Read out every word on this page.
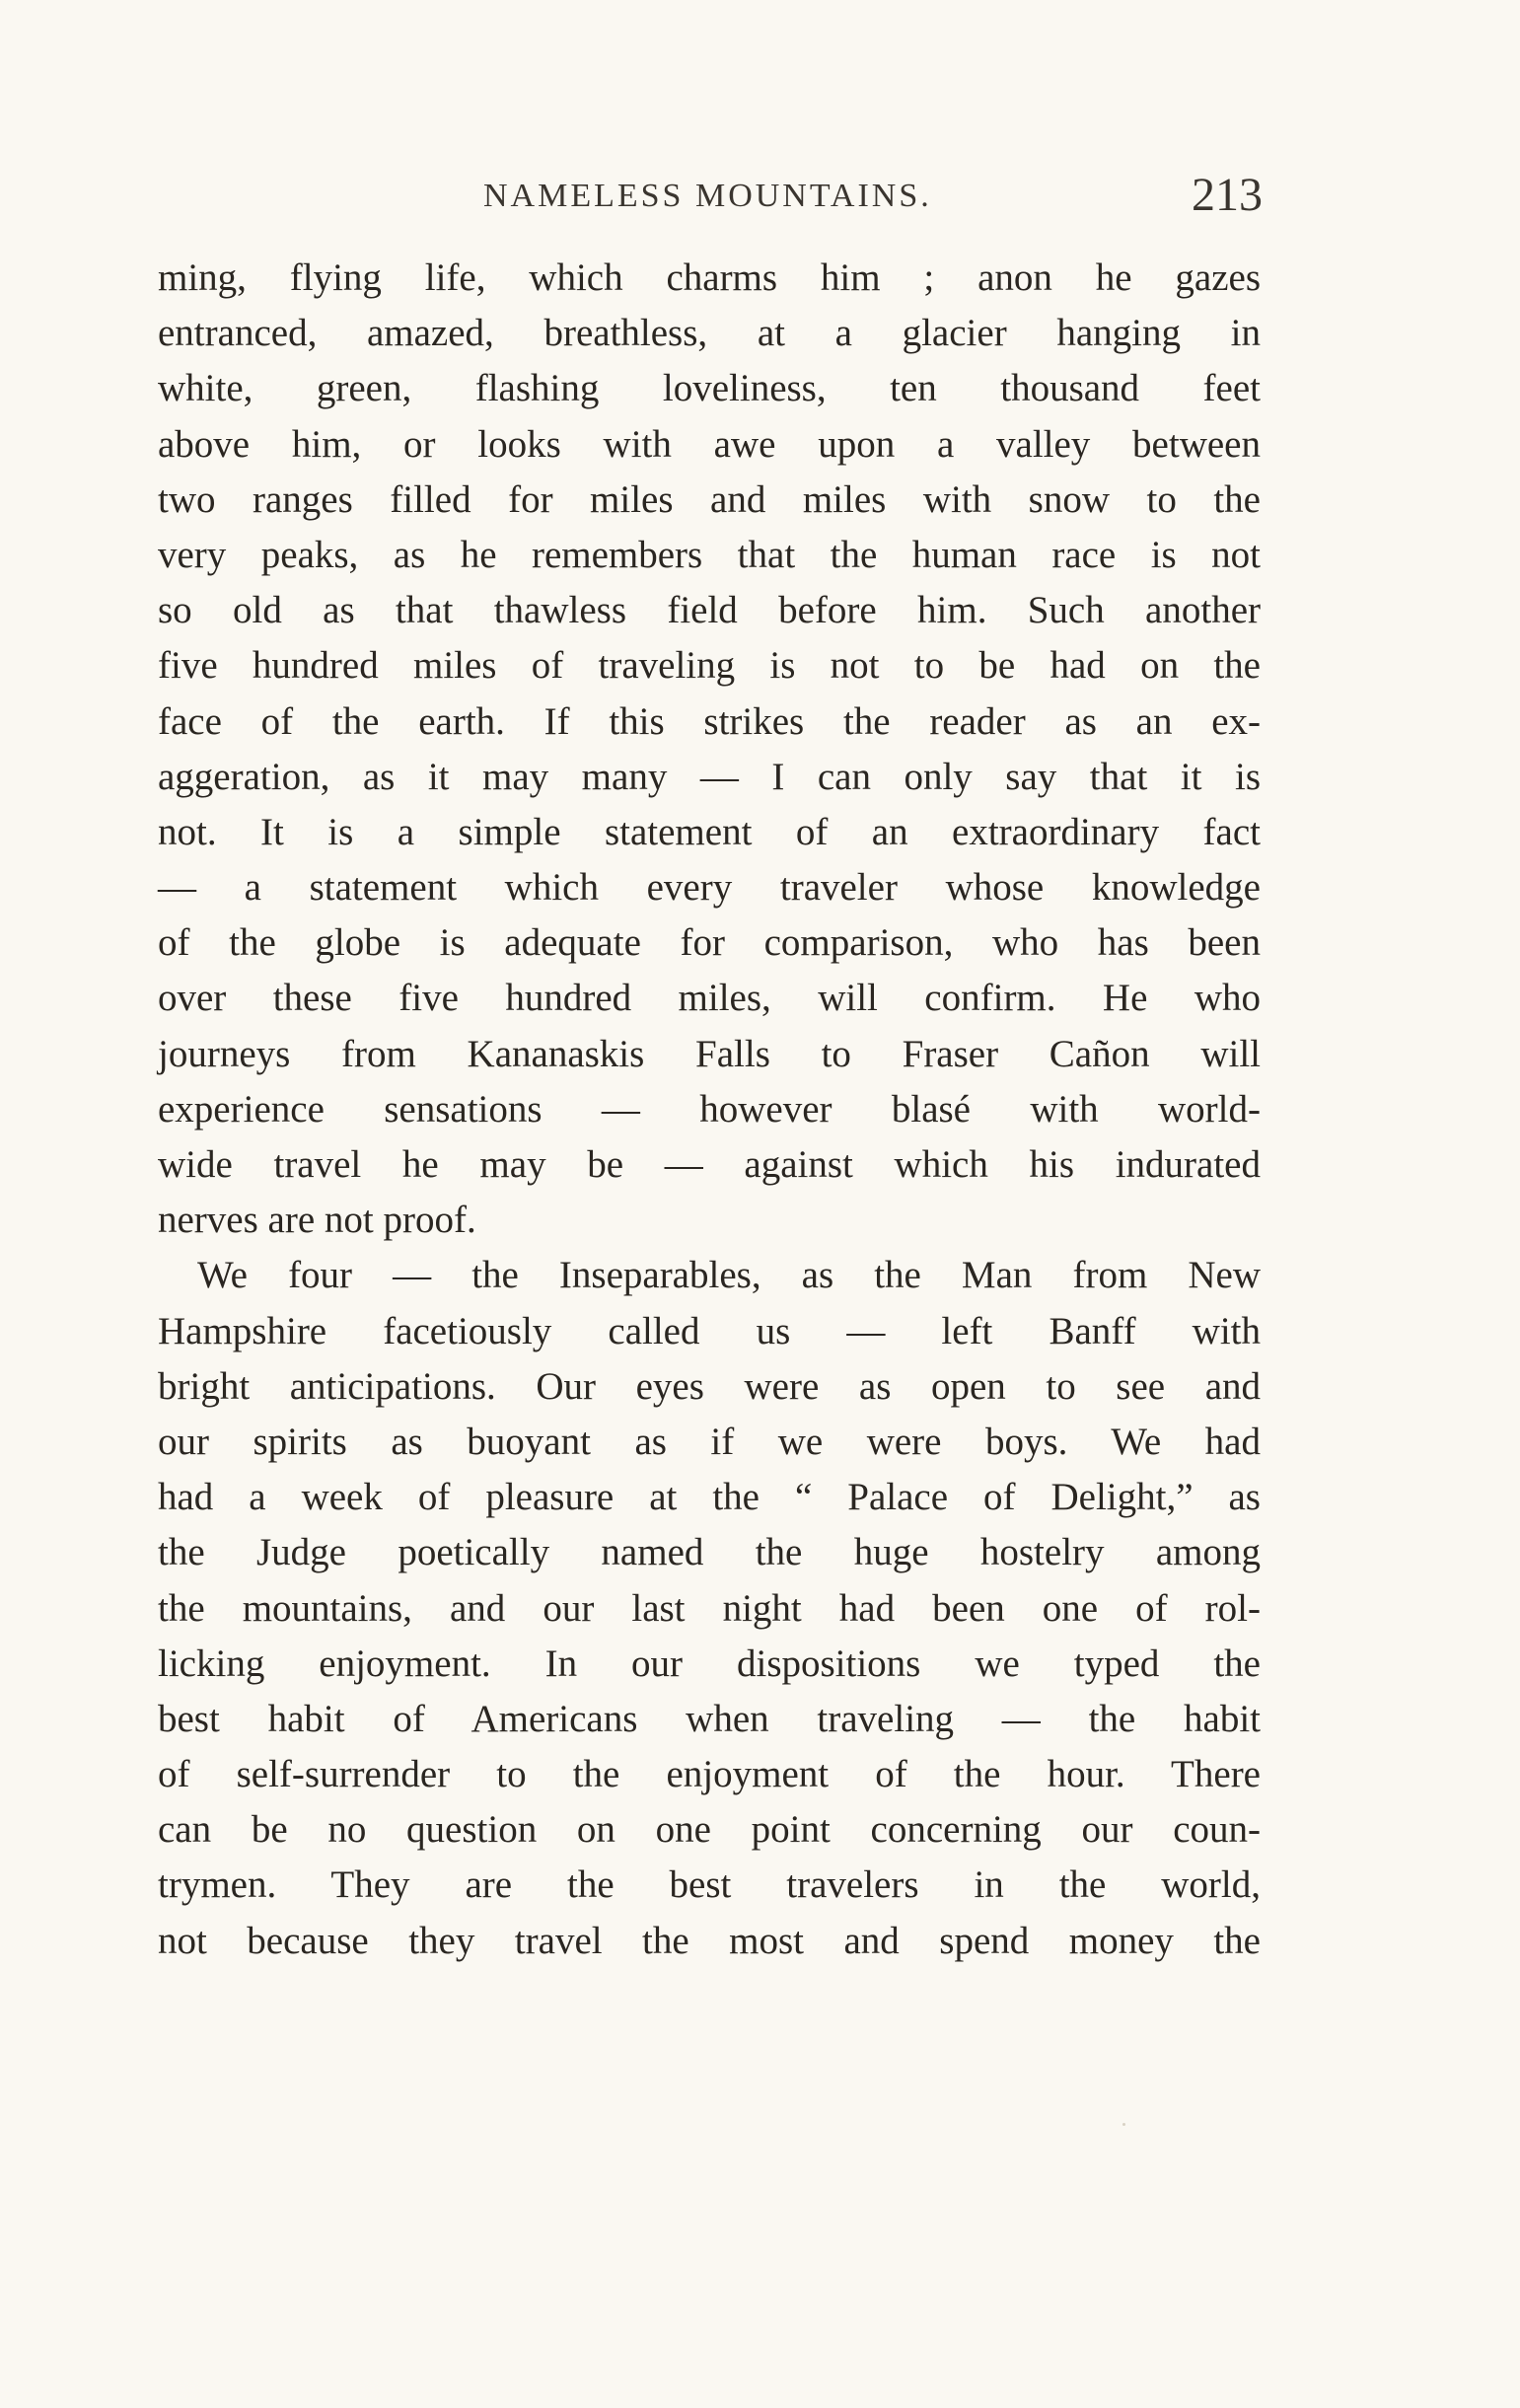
NAMELESS MOUNTAINS.	213
ming, flying life, which charms him ; anon he gazes
entranced, amazed, breathless, at a glacier hanging in
white, green, flashing loveliness, ten thousand feet
above him, or looks with awe upon a valley between
two ranges filled for miles and miles with snow to the
very peaks, as he remembers that the human race is not
so old as that thawless field before him. Such another
five hundred miles of traveling is not to be had on the
face of the earth. If this strikes the reader as an ex-
aggeration, as it may many — I can only say that it is
not. It is a simple statement of an extraordinary fact
— a statement which every traveler whose knowledge
of the globe is adequate for comparison, who has been
over these five hundred miles, will confirm. He who
journeys from Kananaskis Falls to Fraser Cañon will
experience sensations — however blasé with world-
wide travel he may be — against which his indurated
nerves are not proof.
We four — the Inseparables, as the Man from New
Hampshire facetiously called us — left Banff with
bright anticipations. Our eyes were as open to see and
our spirits as buoyant as if we were boys. We had
had a week of pleasure at the “ Palace of Delight,” as
the Judge poetically named the huge hostelry among
the mountains, and our last night had been one of rol-
licking enjoyment. In our dispositions we typed the
best habit of Americans when traveling — the habit
of self-surrender to the enjoyment of the hour. There
can be no question on one point concerning our coun-
trymen. They are the best travelers in the world,
not because they travel the most and spend money the
